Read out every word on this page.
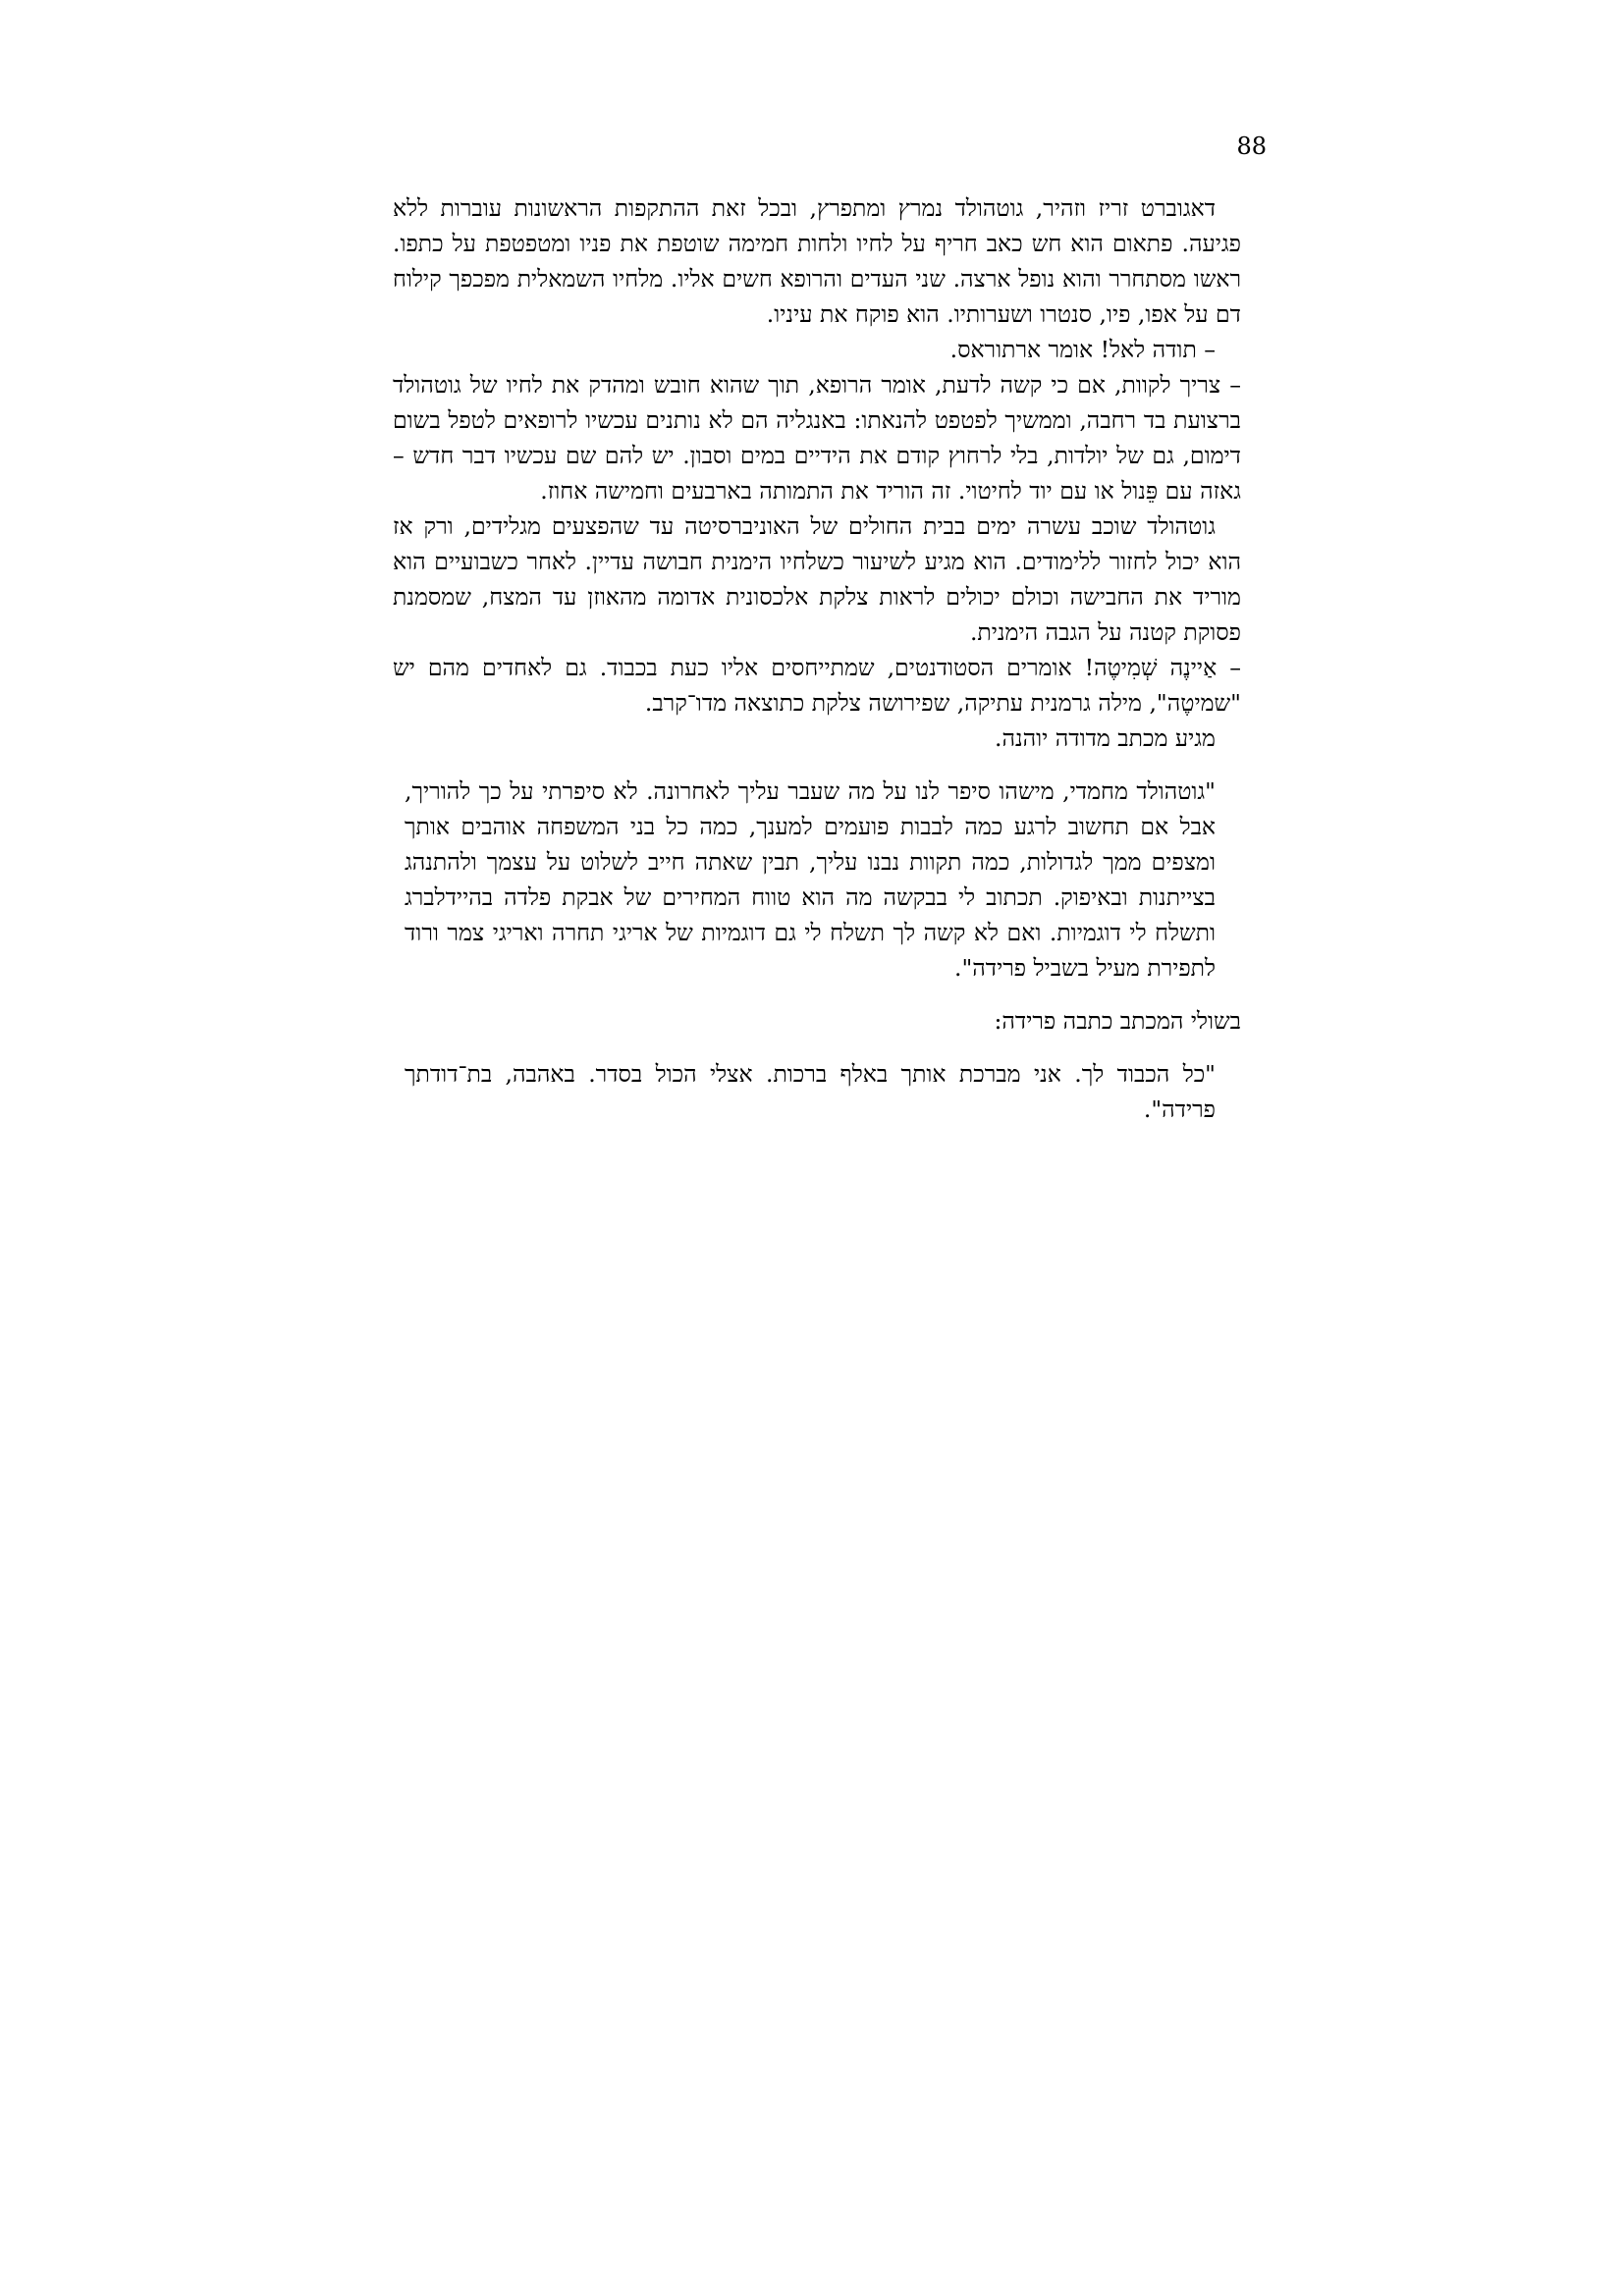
88

דאגוברט זריז וזהיר, גוטהולד נמרץ ומתפרץ, ובכל זאת ההתקפות הראשונות עוברות ללא פגיעה. פתאום הוא חש כאב חריף על לחיו ולחות חמימה שוטפת את פניו ומטפטפת על כתפו. ראשו מסתחרר והוא נופל ארצה. שני העדים והרופא חשים אליו. מלחיו השמאלית מפכפך קילוח דם על אפו, פיו, סנטרו ושערותיו. הוא פוקח את עיניו.

– תודה לאל! אומר ארתוראס.

– צריך לקוות, אם כי קשה לדעת, אומר הרופא, תוך שהוא חובש ומהדק את לחיו של גוטהולד ברצועת בד רחבה, וממשיך לפטפט להנאתו: באנגליה הם לא נותנים עכשיו לרופאים לטפל בשום דימום, גם של יולדות, בלי לרחוץ קודם את הידיים במים וסבון. יש להם שם עכשיו דבר חדש – גאזה עם פֵּנול או עם יוד לחיטוי. זה הוריד את התמותה בארבעים וחמישה אחוז.

גוטהולד שוכב עשרה ימים בבית החולים של האוניברסיטה עד שהפצעים מגלידים, ורק אז הוא יכול לחזור ללימודים. הוא מגיע לשיעור כשלחיו הימנית חבושה עדיין. לאחר כשבועיים הוא מוריד את החבישה וכולם יכולים לראות צלקת אלכסונית אדומה מהאוזן עד המצח, שמסמנת פסוקת קטנה על הגבה הימנית.

– אַיינֶה שְׁמִיטֶה! אומרים הסטודנטים, שמתייחסים אליו כעת בכבוד. גם לאחדים מהם יש "שמיטֶה", מילה גרמנית עתיקה, שפירושה צלקת כתוצאה מדו־קרב.

מגיע מכתב מדודה יוהנה.

"גוטהולד מחמדי, מישהו סיפר לנו על מה שעבר עליך לאחרונה. לא סיפרתי על כך להוריך, אבל אם תחשוב לרגע כמה לבבות פועמים למענך, כמה כל בני המשפחה אוהבים אותך ומצפים ממך לגדולות, כמה תקוות נבנו עליך, תבין שאתה חייב לשלוט על עצמך ולהתנהג בצייתנות ובאיפוק. תכתוב לי בבקשה מה הוא טווח המחירים של אבקת פלדה בהיידלברג ותשלח לי דוגמיות. ואם לא קשה לך תשלח לי גם דוגמיות של אריגי תחרה ואריגי צמר ורוד לתפירת מעיל בשביל פרידה".

בשולי המכתב כתבה פרידה:

"כל הכבוד לך. אני מברכת אותך באלף ברכות. אצלי הכול בסדר. באהבה, בת־דודתך פרידה".
